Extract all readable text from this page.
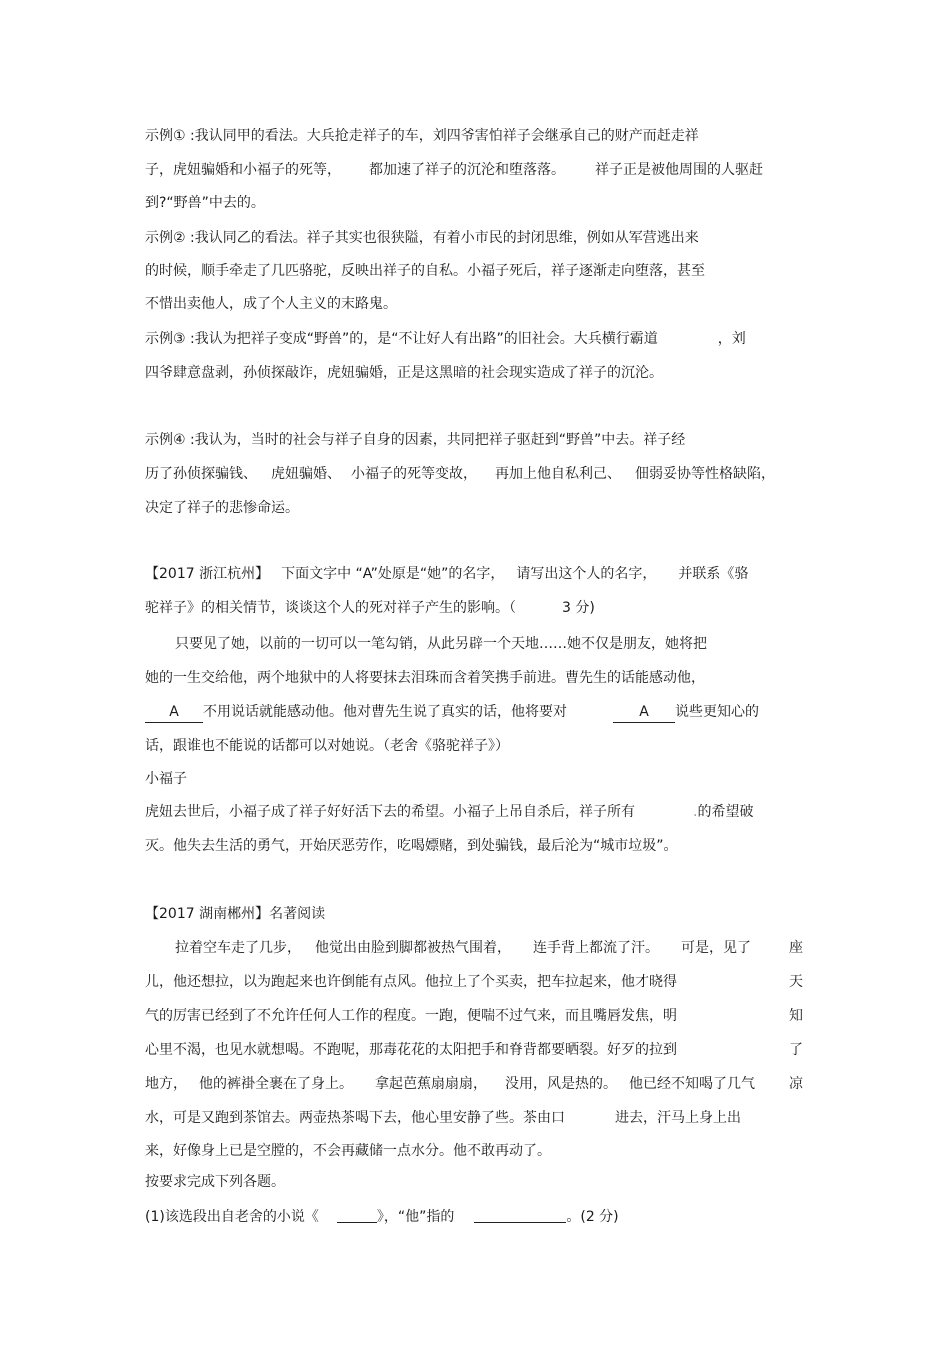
示例① :我认同甲的看法。大兵抢走祥子的车，刘四爷害怕祥子会继承自己的财产而赶走祥
子，虎妞骗婚和小福子的死等， 都加速了祥子的沉沦和堕落落。 祥子正是被他周围的人驱赶
到?“野兽”中去的。
示例② :我认同乙的看法。祥子其实也很狭隘，有着小市民的封闭思维，例如从军营逃出来
的时候，顺手牵走了几匹骆驼，反映出祥子的自私。小福子死后，祥子逐渐走向堕落，甚至
不惜出卖他人，成了个人主义的末路鬼。
示例③ :我认为把祥子变成“野兽”的，是“不让好人有出路”的旧社会。大兵横行霸道	，刘
四爷肆意盘剥，孙侦探敲诈，虎妞骗婚，正是这黑暗的社会现实造成了祥子的沉沦。
示例④ :我认为，当时的社会与祥子自身的因素，共同把祥子驱赶到“野兽”中去。祥子经
历了孙侦探骗钱、 虎妞骗婚、 小福子的死等变故， 再加上他自私利己、 佃弱妥协等性格缺陷，
决定了祥子的悲惨命运。
【2017 浙江杭州】 下面文字中 “A”处原是“她”的名字， 请写出这个人的名字， 并联系《骆
驼祥子》的相关情节，谈谈这个人的死对祥子产生的影响。（	3 分)
只要见了她，以前的一切可以一笔勾销，从此另辟一个天地……她不仅是朋友，她将把
她的一生交给他，两个地狱中的人将要抹去泪珠而含着笑携手前进。曹先生的话能感动他，
A 不用说话就能感动他。他对曹先生说了真实的话，他将要对	A 说些更知心的
话，跟谁也不能说的话都可以对她说。（老舍《骆驼祥子》）
小福子
虎妞去世后，小福子成了祥子好好活下去的希望。小福子上吊自杀后，祥子所有	.的希望破
灭。他失去生活的勇气，开始厌恶劳作，吃喝嫖赌，到处骗钱，最后沦为“城市垃圾”。
【2017 湖南郴州】名著阅读
拉着空车走了几步， 他觉出由脸到脚都被热气围着， 连手背上都流了汗。 可是，见了	座
儿，他还想拉，以为跑起来也许倒能有点风。他拉上了个买卖，把车拉起来，他才晓得	天
气的厉害已经到了不允许任何人工作的程度。一跑，便喘不过气来，而且嘴唇发焦，明	知
心里不渴，也见水就想喝。不跑呢，那毒花花的太阳把手和脊背都要晒裂。好歹的拉到	了
地方， 他的裤褂全裹在了身上。 拿起芭蕉扇扇扇， 没用，风是热的。 他已经不知喝了几气 凉
水，可是又跑到茶馆去。两壶热茶喝下去，他心里安静了些。茶由口	进去，汗马上身上出
来，好像身上已是空膛的，不会再藏储一点水分。他不敢再动了。
按要求完成下列各题。
(1)该选段出自老舍的小说《	》，“他”指的	。(2 分)
